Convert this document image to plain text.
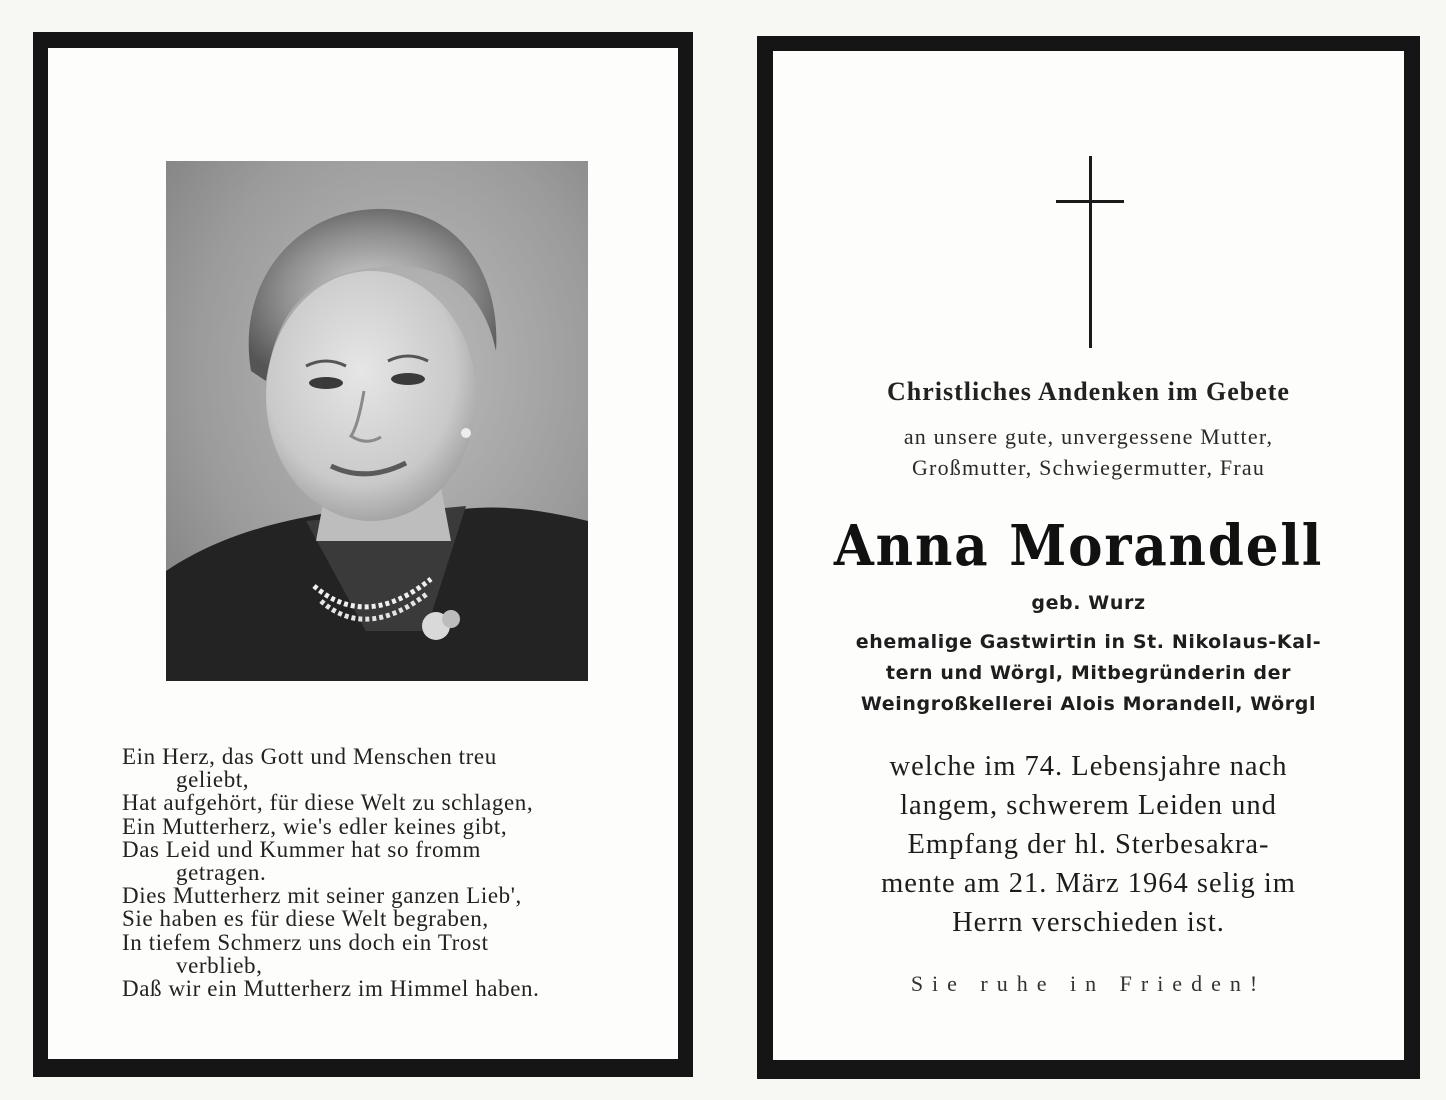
Ein Herz, das Gott und Menschen treu
geliebt,
Hat aufgehört, für diese Welt zu schlagen,
Ein Mutterherz, wie's edler keines gibt,
Das Leid und Kummer hat so fromm
getragen.
Dies Mutterherz mit seiner ganzen Lieb',
Sie haben es für diese Welt begraben,
In tiefem Schmerz uns doch ein Trost
verblieb,
Daß wir ein Mutterherz im Himmel haben.
Christliches Andenken im Gebete
an unsere gute, unvergessene Mutter,
Großmutter, Schwiegermutter, Frau
Anna Morandell
geb. Wurz
ehemalige Gastwirtin in St. Nikolaus-Kal-
tern und Wörgl, Mitbegründerin der
Weingroßkellerei Alois Morandell, Wörgl
welche im 74. Lebensjahre nach
langem, schwerem Leiden und
Empfang der hl. Sterbesakra-
mente am 21. März 1964 selig im
Herrn verschieden ist.
Sie ruhe in Frieden!
